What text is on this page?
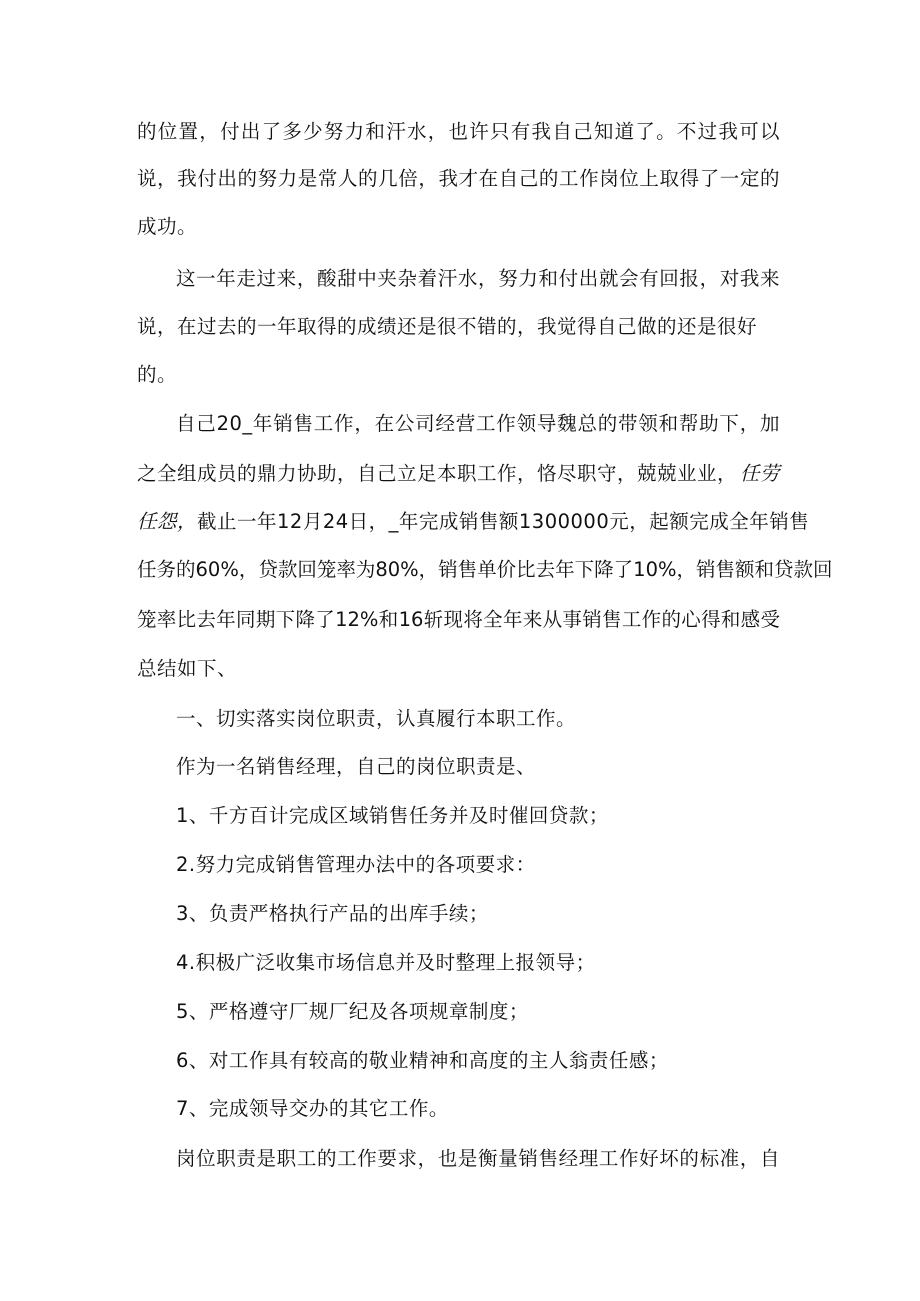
的位置，付出了多少努力和汗水，也许只有我自己知道了。不过我可以
说，我付出的努力是常人的几倍，我才在自己的工作岗位上取得了一定的
成功。
这一年走过来，酸甜中夹杂着汗水，努力和付出就会有回报，对我来
说，在过去的一年取得的成绩还是很不错的，我觉得自己做的还是很好
的。
自己20_年销售工作，在公司经营工作领导魏总的带领和帮助下，加
之全组成员的鼎力协助，自己立足本职工作，恪尽职守，兢兢业业， 任劳
任怨， 截止一年12月24日，_年完成销售额1300000元，起额完成全年销售
任务的60%，贷款回笼率为80%，销售单价比去年下降了10%，销售额和贷款回
笼率比去年同期下降了12%和16斩现将全年来从事销售工作的心得和感受
总结如下、
一、切实落实岗位职责，认真履行本职工作。
作为一名销售经理，自己的岗位职责是、
1、千方百计完成区域销售任务并及时催回贷款；
2.努力完成销售管理办法中的各项要求：
3、负责严格执行产品的出库手续；
4.积极广泛收集市场信息并及时整理上报领导；
5、严格遵守厂规厂纪及各项规章制度；
6、对工作具有较高的敬业精神和高度的主人翁责任感；
7、完成领导交办的其它工作。
岗位职责是职工的工作要求，也是衡量销售经理工作好坏的标准，自
